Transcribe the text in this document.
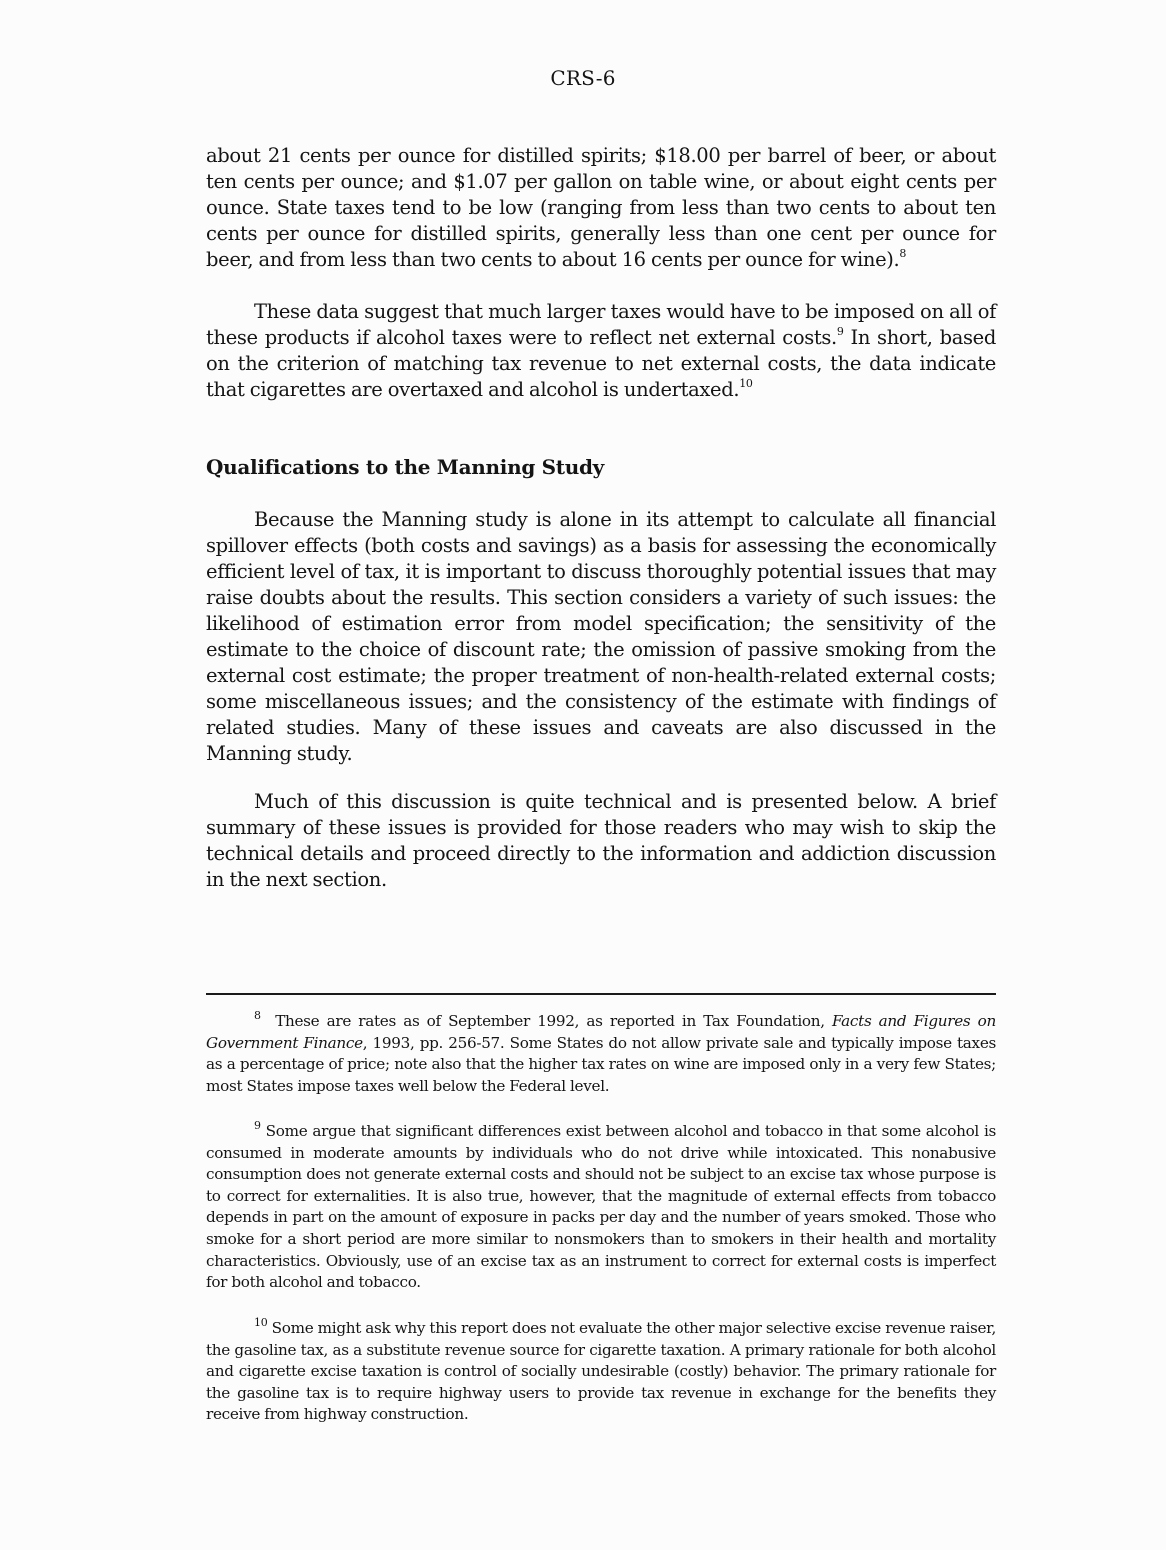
CRS-6

about 21 cents per ounce for distilled spirits; $18.00 per barrel of beer, or about ten cents per ounce; and $1.07 per gallon on table wine, or about eight cents per ounce. State taxes tend to be low (ranging from less than two cents to about ten cents per ounce for distilled spirits, generally less than one cent per ounce for beer, and from less than two cents to about 16 cents per ounce for wine).$^8$

These data suggest that much larger taxes would have to be imposed on all of these products if alcohol taxes were to reflect net external costs.$^9$ In short, based on the criterion of matching tax revenue to net external costs, the data indicate that cigarettes are overtaxed and alcohol is undertaxed.$^{10}$

Qualifications to the Manning Study

Because the Manning study is alone in its attempt to calculate all financial spillover effects (both costs and savings) as a basis for assessing the economically efficient level of tax, it is important to discuss thoroughly potential issues that may raise doubts about the results. This section considers a variety of such issues: the likelihood of estimation error from model specification; the sensitivity of the estimate to the choice of discount rate; the omission of passive smoking from the external cost estimate; the proper treatment of non-health-related external costs; some miscellaneous issues; and the consistency of the estimate with findings of related studies. Many of these issues and caveats are also discussed in the Manning study.

Much of this discussion is quite technical and is presented below. A brief summary of these issues is provided for those readers who may wish to skip the technical details and proceed directly to the information and addiction discussion in the next section.

$^8$ These are rates as of September 1992, as reported in Tax Foundation, Facts and Figures on Government Finance, 1993, pp. 256-57. Some States do not allow private sale and typically impose taxes as a percentage of price; note also that the higher tax rates on wine are imposed only in a very few States; most States impose taxes well below the Federal level.

$^9$ Some argue that significant differences exist between alcohol and tobacco in that some alcohol is consumed in moderate amounts by individuals who do not drive while intoxicated. This nonabusive consumption does not generate external costs and should not be subject to an excise tax whose purpose is to correct for externalities. It is also true, however, that the magnitude of external effects from tobacco depends in part on the amount of exposure in packs per day and the number of years smoked. Those who smoke for a short period are more similar to nonsmokers than to smokers in their health and mortality characteristics. Obviously, use of an excise tax as an instrument to correct for external costs is imperfect for both alcohol and tobacco.

$^{10}$ Some might ask why this report does not evaluate the other major selective excise revenue raiser, the gasoline tax, as a substitute revenue source for cigarette taxation. A primary rationale for both alcohol and cigarette excise taxation is control of socially undesirable (costly) behavior. The primary rationale for the gasoline tax is to require highway users to provide tax revenue in exchange for the benefits they receive from highway construction.
